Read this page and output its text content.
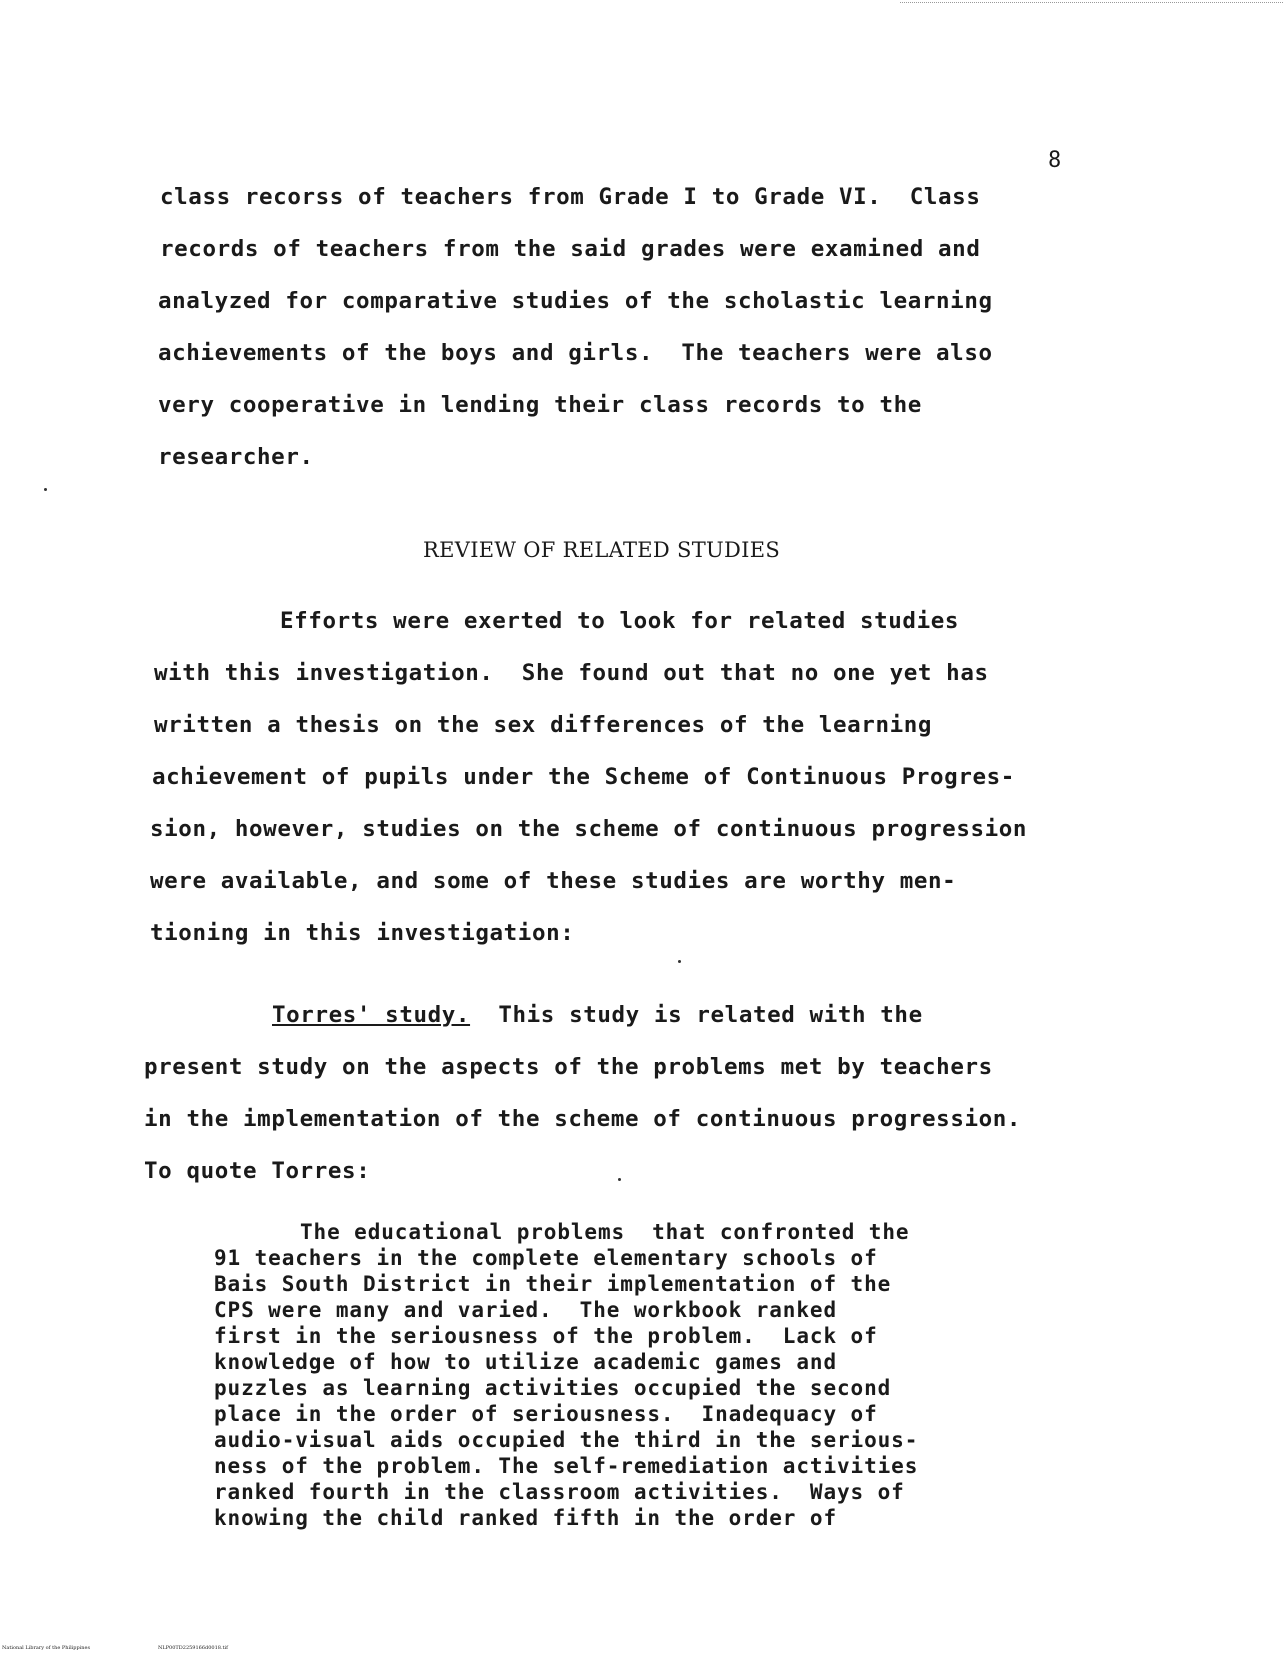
8
class recorss of teachers from Grade I to Grade VI.  Class
records of teachers from the said grades were examined and
analyzed for comparative studies of the scholastic learning
achievements of the boys and girls.  The teachers were also
very cooperative in lending their class records to the
researcher.
REVIEW OF RELATED STUDIES
Efforts were exerted to look for related studies
with this investigation.  She found out that no one yet has
written a thesis on the sex differences of the learning
achievement of pupils under the Scheme of Continuous Progres-
sion, however, studies on the scheme of continuous progression
were available, and some of these studies are worthy men-
tioning in this investigation:
Torres' study.  This study is related with the
present study on the aspects of the problems met by teachers
in the implementation of the scheme of continuous progression.
To quote Torres:
The educational problems  that confronted the
91 teachers in the complete elementary schools of
Bais South District in their implementation of the
CPS were many and varied.  The workbook ranked
first in the seriousness of the problem.  Lack of
knowledge of how to utilize academic games and
puzzles as learning activities occupied the second
place in the order of seriousness.  Inadequacy of
audio-visual aids occupied the third in the serious-
ness of the problem. The self-remediation activities
ranked fourth in the classroom activities.  Ways of
knowing the child ranked fifth in the order of
National Library of the Philippines	NLP00TD2259166d0018.tif
